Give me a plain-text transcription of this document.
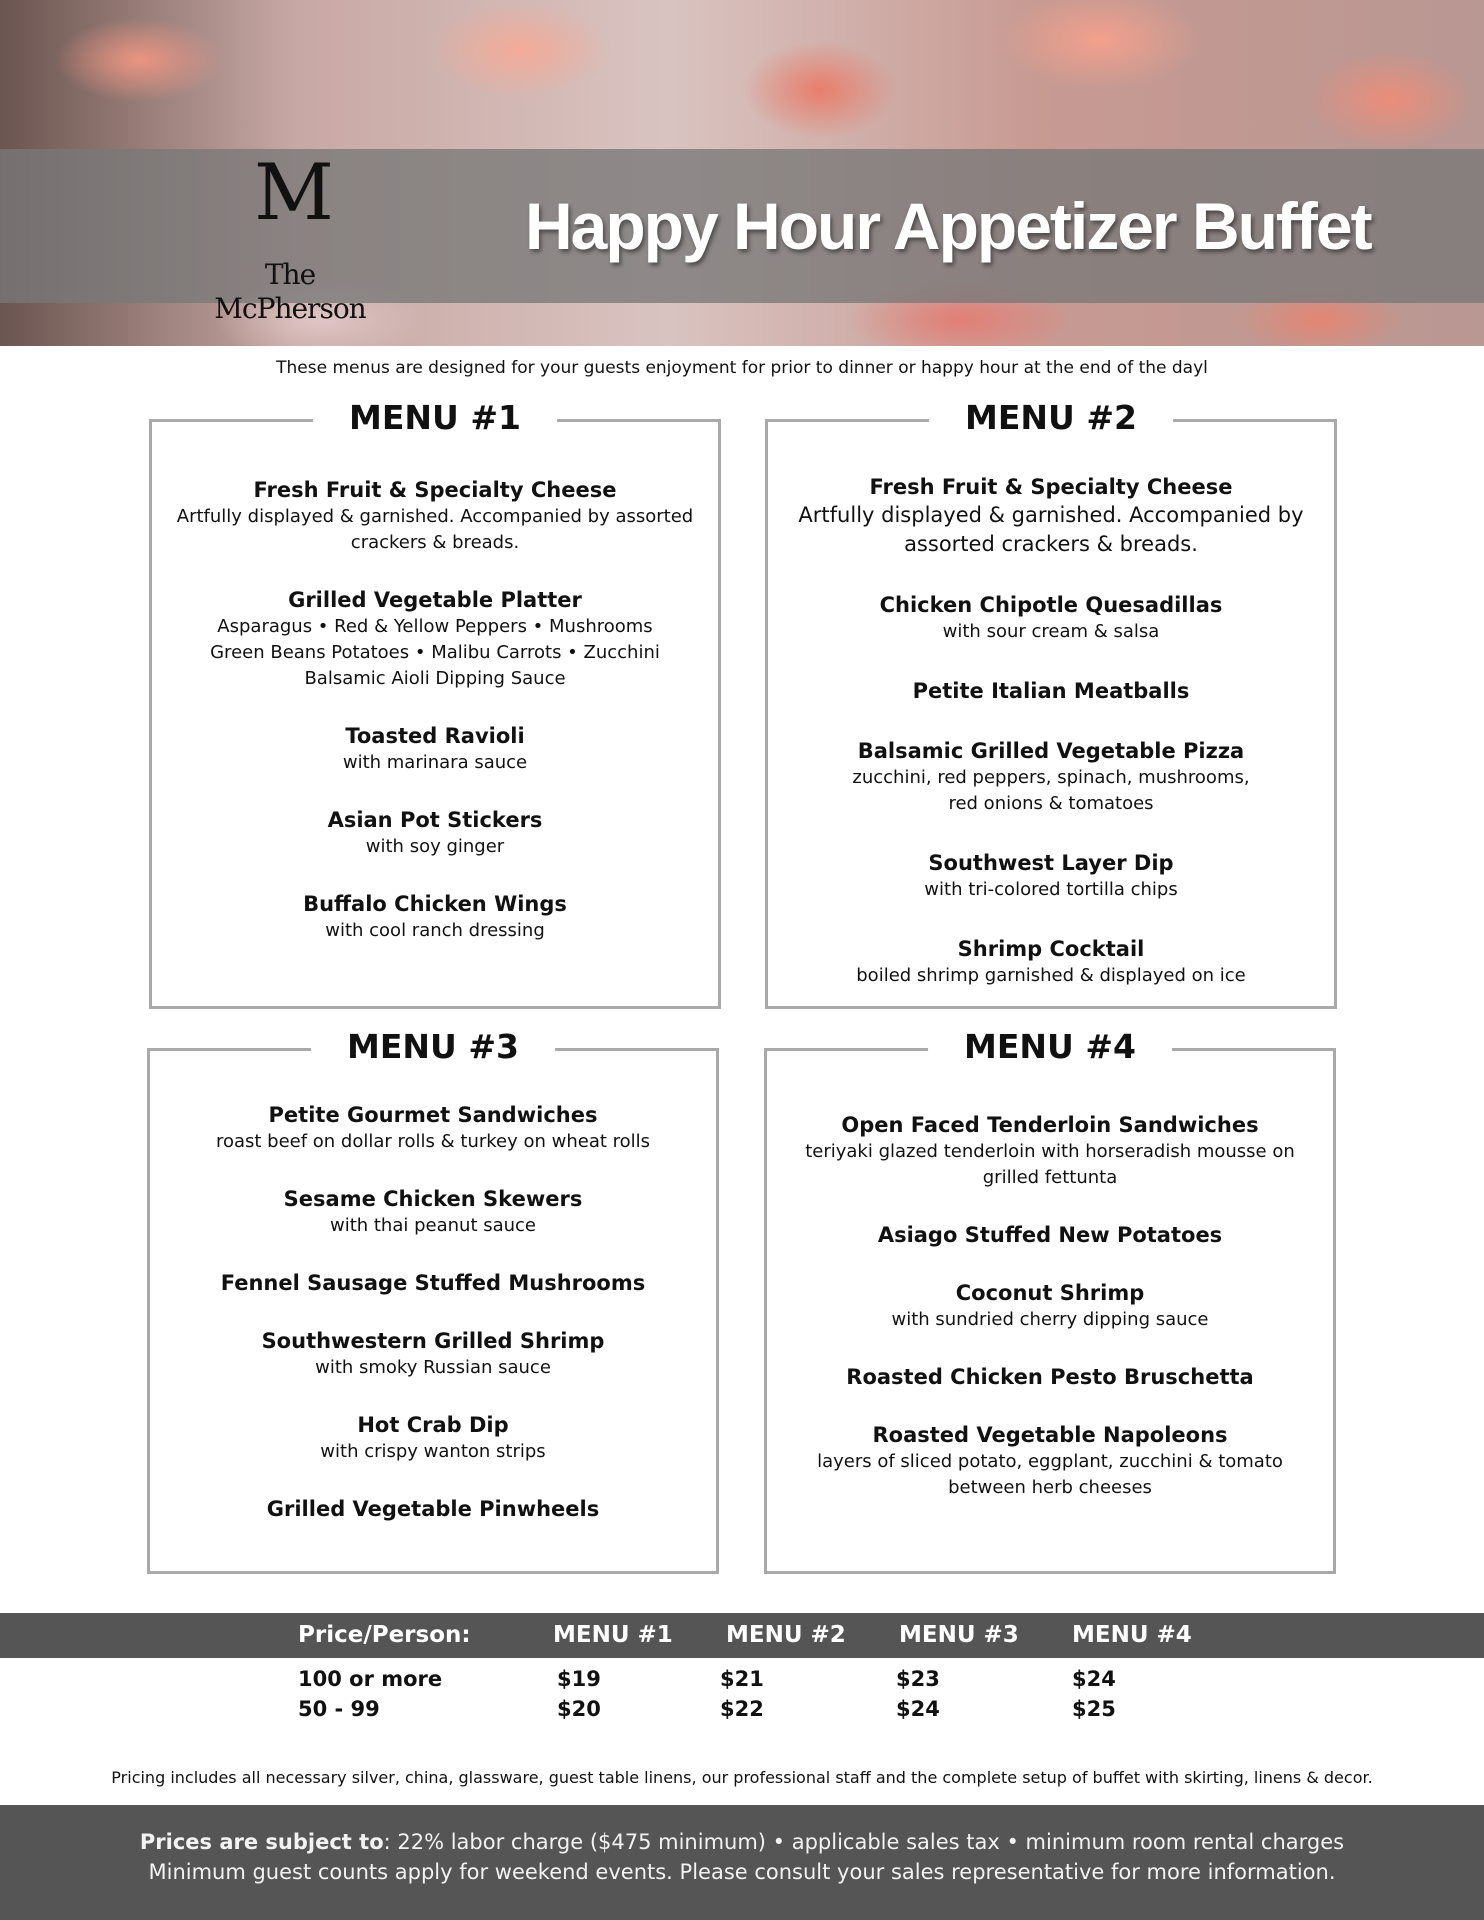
M
The McPherson
Happy Hour Appetizer Buffet
These menus are designed for your guests enjoyment for prior to dinner or happy hour at the end of the dayl
MENU #1
Fresh Fruit & Specialty Cheese
Artfully displayed & garnished. Accompanied by assorted
crackers & breads.
Grilled Vegetable Platter
Asparagus • Red & Yellow Peppers • Mushrooms
Green Beans Potatoes • Malibu Carrots • Zucchini
Balsamic Aioli Dipping Sauce
Toasted Ravioli
with marinara sauce
Asian Pot Stickers
with soy ginger
Buffalo Chicken Wings
with cool ranch dressing
MENU #2
Fresh Fruit & Specialty Cheese
Artfully displayed & garnished. Accompanied by
assorted crackers & breads.
Chicken Chipotle Quesadillas
with sour cream & salsa
Petite Italian Meatballs
Balsamic Grilled Vegetable Pizza
zucchini, red peppers, spinach, mushrooms,
red onions & tomatoes
Southwest Layer Dip
with tri-colored tortilla chips
Shrimp Cocktail
boiled shrimp garnished & displayed on ice
MENU #3
Petite Gourmet Sandwiches
roast beef on dollar rolls & turkey on wheat rolls
Sesame Chicken Skewers
with thai peanut sauce
Fennel Sausage Stuffed Mushrooms
Southwestern Grilled Shrimp
with smoky Russian sauce
Hot Crab Dip
with crispy wanton strips
Grilled Vegetable Pinwheels
MENU #4
Open Faced Tenderloin Sandwiches
teriyaki glazed tenderloin with horseradish mousse on
grilled fettunta
Asiago Stuffed New Potatoes
Coconut Shrimp
with sundried cherry dipping sauce
Roasted Chicken Pesto Bruschetta
Roasted Vegetable Napoleons
layers of sliced potato, eggplant, zucchini & tomato
between herb cheeses
Price/Person:	MENU #1 MENU #2 MENU #3 MENU #4
100 or more	$19	$21	$23	$24
50 - 99	$20	$22	$24	$25
Pricing includes all necessary silver, china, glassware, guest table linens, our professional staff and the complete setup of buffet with skirting, linens & decor.
Prices are subject to: 22% labor charge ($475 minimum) • applicable sales tax • minimum room rental charges
Minimum guest counts apply for weekend events. Please consult your sales representative for more information.
